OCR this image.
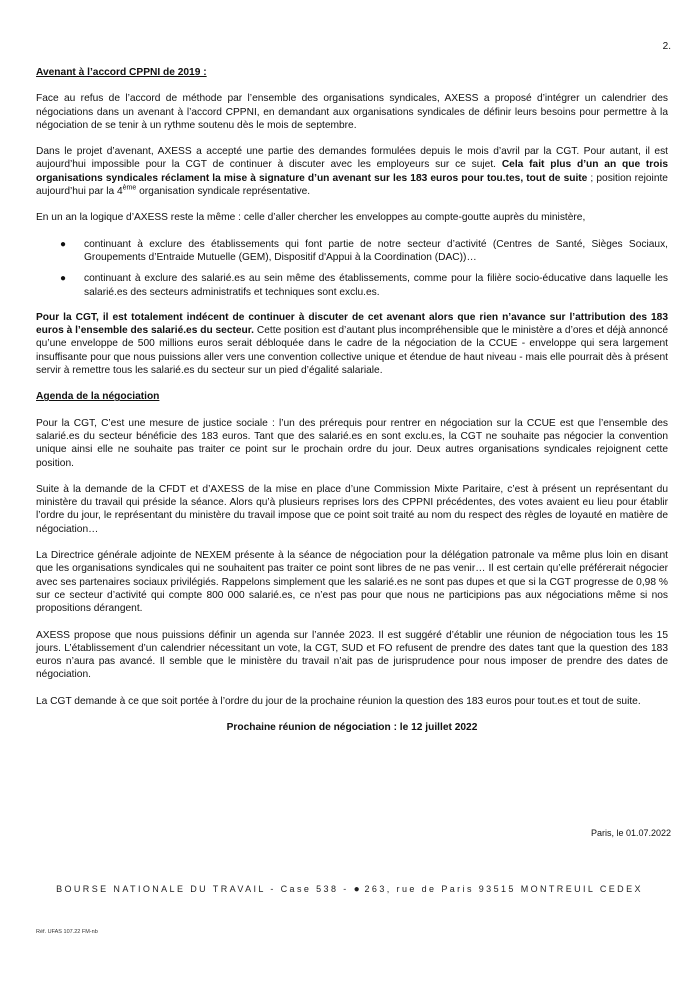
2.
Avenant à l’accord CPPNI de 2019 :

Face au refus de l’accord de méthode par l’ensemble des organisations syndicales, AXESS a proposé d’intégrer un calendrier des négociations dans un avenant à l’accord CPPNI, en demandant aux organisations syndicales de définir leurs besoins pour permettre à la négociation de se tenir à un rythme soutenu dès le mois de septembre.

Dans le projet d’avenant, AXESS a accepté une partie des demandes formulées depuis le mois d’avril par la CGT. Pour autant, il est aujourd’hui impossible pour la CGT de continuer à discuter avec les employeurs sur ce sujet. Cela fait plus d’un an que trois organisations syndicales réclament la mise à signature d’un avenant sur les 183 euros pour tou.tes, tout de suite ; position rejointe aujourd’hui par la 4ème organisation syndicale représentative.

En un an la logique d’AXESS reste la même : celle d’aller chercher les enveloppes au compte-goutte auprès du ministère,

● continuant à exclure des établissements qui font partie de notre secteur d’activité (Centres de Santé, Sièges Sociaux, Groupements d’Entraide Mutuelle (GEM), Dispositif d'Appui à la Coordination (DAC))…
● continuant à exclure des salarié.es au sein même des établissements, comme pour la filière socio-éducative dans laquelle les salarié.es des secteurs administratifs et techniques sont exclu.es.

Pour la CGT, il est totalement indécent de continuer à discuter de cet avenant alors que rien n’avance sur l’attribution des 183 euros à l’ensemble des salarié.es du secteur. Cette position est d’autant plus incompréhensible que le ministère a d’ores et déjà annoncé qu’une enveloppe de 500 millions euros serait débloquée dans le cadre de la négociation de la CCUE - enveloppe qui sera largement insuffisante pour que nous puissions aller vers une convention collective unique et étendue de haut niveau - mais elle pourrait dès à présent servir à remettre tous les salarié.es du secteur sur un pied d’égalité salariale.

Agenda de la négociation

Pour la CGT, C’est une mesure de justice sociale : l’un des prérequis pour rentrer en négociation sur la CCUE est que l’ensemble des salarié.es du secteur bénéficie des 183 euros. Tant que des salarié.es en sont exclu.es, la CGT ne souhaite pas négocier la convention unique ainsi elle ne souhaite pas traiter ce point sur le prochain ordre du jour. Deux autres organisations syndicales rejoignent cette position.

Suite à la demande de la CFDT et d’AXESS de la mise en place d’une Commission Mixte Paritaire, c’est à présent un représentant du ministère du travail qui préside la séance. Alors qu’à plusieurs reprises lors des CPPNI précédentes, des votes avaient eu lieu pour établir l’ordre du jour, le représentant du ministère du travail impose que ce point soit traité au nom du respect des règles de loyauté en matière de négociation…

La Directrice générale adjointe de NEXEM présente à la séance de négociation pour la délégation patronale va même plus loin en disant que les organisations syndicales qui ne souhaitent pas traiter ce point sont libres de ne pas venir… Il est certain qu’elle préférerait négocier avec ses partenaires sociaux privilégiés. Rappelons simplement que les salarié.es ne sont pas dupes et que si la CGT progresse de 0,98 % sur ce secteur d’activité qui compte 800 000 salarié.es, ce n’est pas pour que nous ne participions pas aux négociations même si nos propositions dérangent.

AXESS propose que nous puissions définir un agenda sur l’année 2023. Il est suggéré d’établir une réunion de négociation tous les 15 jours. L’établissement d’un calendrier nécessitant un vote, la CGT, SUD et FO refusent de prendre des dates tant que la question des 183 euros n’aura pas avancé. Il semble que le ministère du travail n’ait pas de jurisprudence pour nous imposer de prendre des dates de négociation.

La CGT demande à ce que soit portée à l’ordre du jour de la prochaine réunion la question des 183 euros pour tout.es et tout de suite.

Prochaine réunion de négociation : le 12 juillet 2022

Paris, le 01.07.2022
BOURSE NATIONALE DU TRAVAIL - Case 538 - ● 263, rue de Paris 93515 MONTREUIL CEDEX
Réf. UFAS 107.22 FM-nb
